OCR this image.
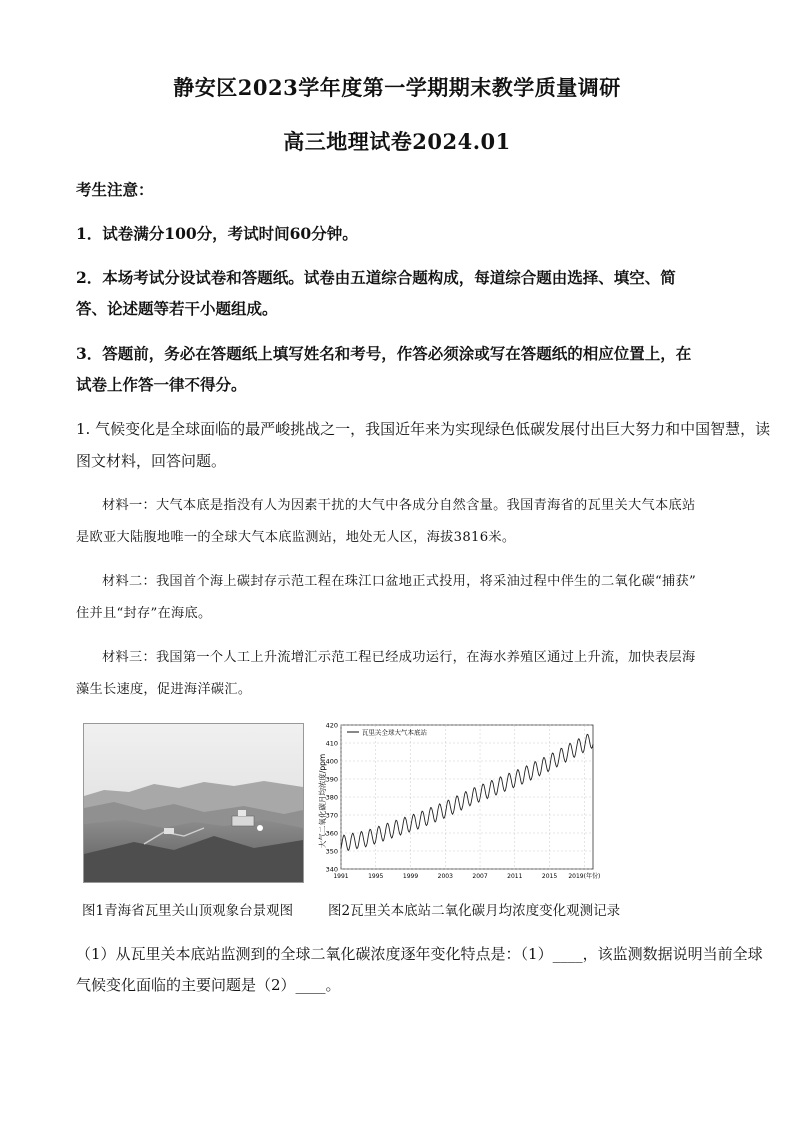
静安区2023学年度第一学期期末教学质量调研
高三地理试卷2024.01
考生注意：
1．试卷满分100分，考试时间60分钟。
2．本场考试分设试卷和答题纸。试卷由五道综合题构成，每道综合题由选择、填空、简
答、论述题等若干小题组成。
3．答题前，务必在答题纸上填写姓名和考号，作答必须涂或写在答题纸的相应位置上，在
试卷上作答一律不得分。
1. 气候变化是全球面临的最严峻挑战之一，我国近年来为实现绿色低碳发展付出巨大努力和中国智慧，读
图文材料，回答问题。
材料一：大气本底是指没有人为因素干扰的大气中各成分自然含量。我国青海省的瓦里关大气本底站
是欧亚大陆腹地唯一的全球大气本底监测站，地处无人区，海拔3816米。
材料二：我国首个海上碳封存示范工程在珠江口盆地正式投用，将采油过程中伴生的二氧化碳“捕获”
住并且“封存”在海底。
材料三：我国第一个人工上升流增汇示范工程已经成功运行，在海水养殖区通过上升流，加快表层海
藻生长速度，促进海洋碳汇。
340
350
360
370
380
390
400
410
420
1991	1995	1999	2003	2007	2011	2015 2019(年份)
大气二氧化碳月均浓度/ppm
瓦里关全球大气本底站
图1青海省瓦里关山顶观象台景观图	图2瓦里关本底站二氧化碳月均浓度变化观测记录
（1）从瓦里关本底站监测到的全球二氧化碳浓度逐年变化特点是：（1）____，该监测数据说明当前全球
气候变化面临的主要问题是（2）____。
